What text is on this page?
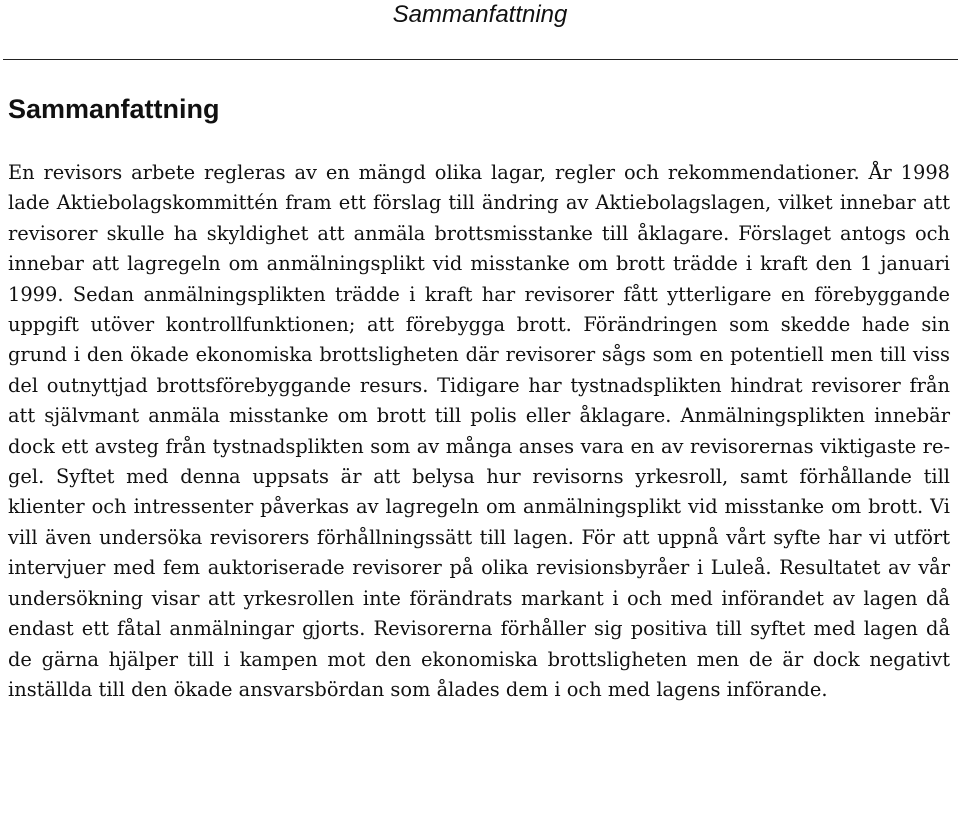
Sammanfattning
Sammanfattning

En revisors arbete regleras av en mängd olika lagar, regler och rekommendationer. År 1998 lade Aktiebolagskommittén fram ett förslag till ändring av Aktiebolagslagen, vilket innebar att revisorer skulle ha skyldighet att anmäla brottsmisstanke till åklagare. Förslaget antogs och innebar att lagregeln om anmälningsplikt vid misstanke om brott trädde i kraft den 1 januari 1999. Sedan anmälningsplikten trädde i kraft har revisorer fått ytterligare en förebyggande uppgift utöver kontrollfunktionen; att förebygga brott. Förändringen som skedde hade sin grund i den ökade ekonomiska brottsligheten där revisorer sågs som en potentiell men till viss del outnyttjad brottsförebyggande resurs. Tidigare har tystnadsplikten hindrat revisorer från att självmant anmäla misstanke om brott till polis eller åklagare. Anmälningsplikten innebär dock ett avsteg från tystnadsplikten som av många anses vara en av revisorernas viktigaste regel. Syftet med denna uppsats är att belysa hur revisorns yrkesroll, samt förhållande till klienter och intressenter påverkas av lagregeln om anmälningsplikt vid misstanke om brott. Vi vill även undersöka revisorers förhållningssätt till lagen. För att uppnå vårt syfte har vi utfört intervjuer med fem auktoriserade revisorer på olika revisionsbyråer i Luleå. Resultatet av vår undersökning visar att yrkesrollen inte förändrats markant i och med införandet av lagen då endast ett fåtal anmälningar gjorts. Revisorerna förhåller sig positiva till syftet med lagen då de gärna hjälper till i kampen mot den ekonomiska brottsligheten men de är dock negativt inställda till den ökade ansvarsbördan som ålades dem i och med lagens införande.
